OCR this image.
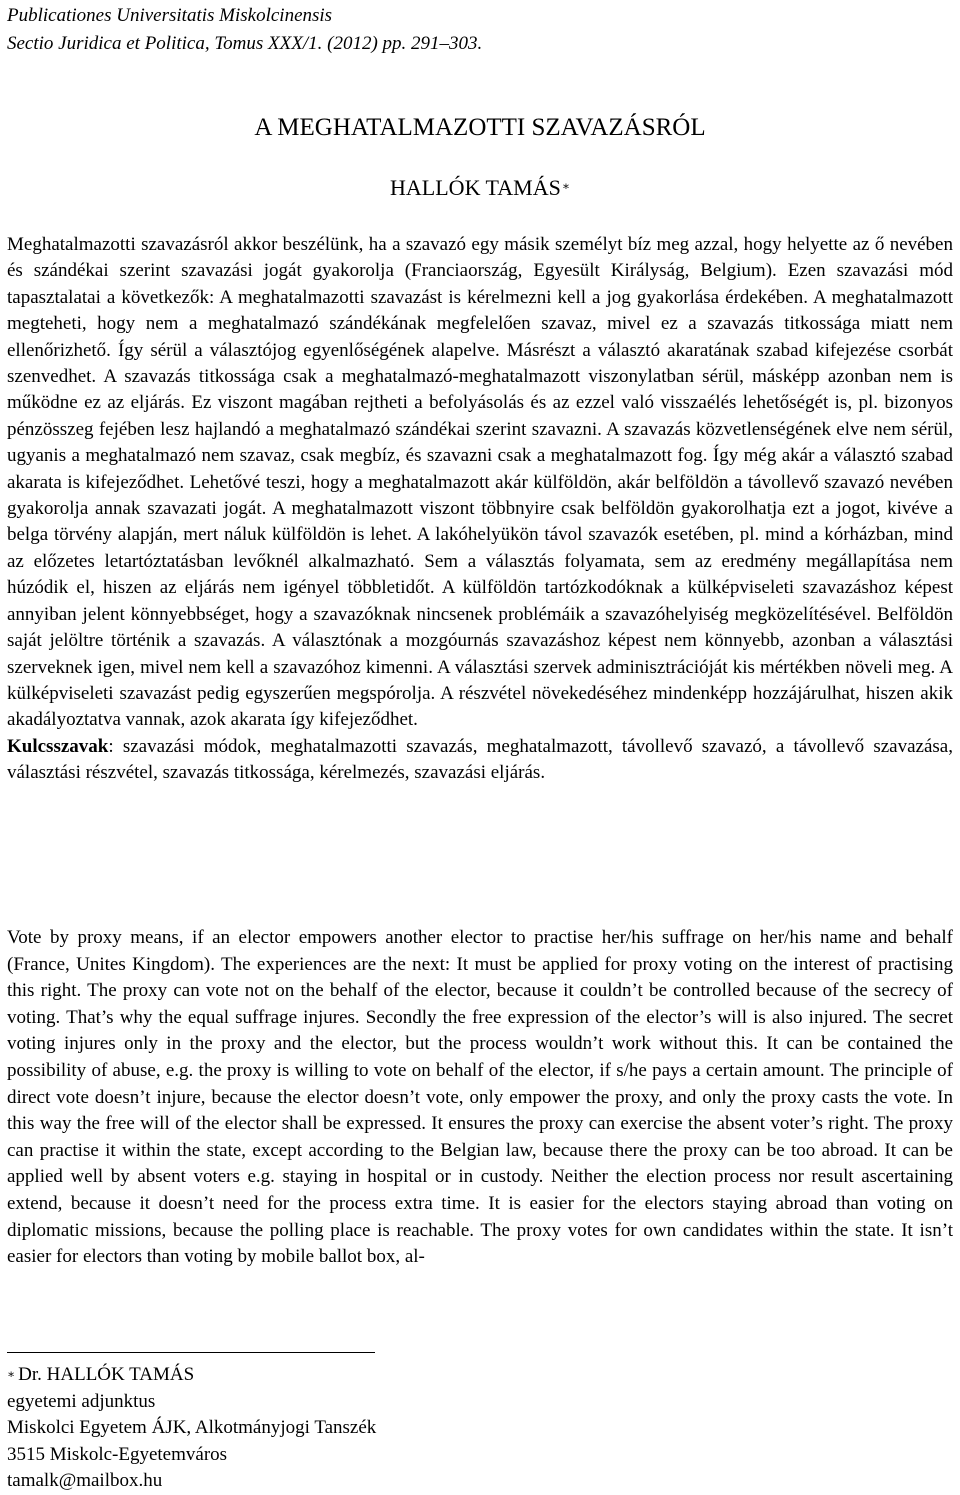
Publicationes Universitatis Miskolcinensis
Sectio Juridica et Politica, Tomus XXX/1. (2012) pp. 291–303.
A MEGHATALMAZOTTI SZAVAZÁSRÓL
HALLÓK TAMÁS∗

Meghatalmazotti szavazásról akkor beszélünk, ha a szavazó egy másik személyt bíz meg azzal, hogy helyette az ő nevében és szándékai szerint szavazási jogát gyakorolja (Franciaország, Egyesült Királyság, Belgium). Ezen szavazási mód tapasztalatai a következők: A meghatalmazotti szavazást is kérelmezni kell a jog gyakorlása érdekében. A meghatalmazott megteheti, hogy nem a meghatalmazó szándékának megfelelően szavaz, mivel ez a szavazás titkossága miatt nem ellenőrizhető. Így sérül a választójog egyenlőségének alapelve. Másrészt a választó akaratának szabad kifejezése csorbát szenvedhet. A szavazás titkossága csak a meghatalmazó-meghatalmazott viszonylatban sérül, másképp azonban nem is működne ez az eljárás. Ez viszont magában rejtheti a befolyásolás és az ezzel való visszaélés lehetőségét is, pl. bizonyos pénzösszeg fejében lesz hajlandó a meghatalmazó szándékai szerint szavazni. A szavazás közvetlenségének elve nem sérül, ugyanis a meghatalmazó nem szavaz, csak megbíz, és szavazni csak a meghatalmazott fog. Így még akár a választó szabad akarata is kifejeződhet. Lehetővé teszi, hogy a meghatalmazott akár külföldön, akár belföldön a távollevő szavazó nevében gyakorolja annak szavazati jogát. A meghatalmazott viszont többnyire csak belföldön gyakorolhatja ezt a jogot, kivéve a belga törvény alapján, mert náluk külföldön is lehet. A lakóhelyükön távol szavazók esetében, pl. mind a kórházban, mind az előzetes letartóztatásban levőknél alkalmazható. Sem a választás folyamata, sem az eredmény megállapítása nem húzódik el, hiszen az eljárás nem igényel többletidőt. A külföldön tartózkodóknak a külképviseleti szavazáshoz képest annyiban jelent könnyebbséget, hogy a szavazóknak nincsenek problémáik a szavazóhelyiség megközelítésével. Belföldön saját jelöltre történik a szavazás. A választónak a mozgóurnás szavazáshoz képest nem könnyebb, azonban a választási szerveknek igen, mivel nem kell a szavazóhoz kimenni. A választási szervek adminisztrációját kis mértékben növeli meg. A külképviseleti szavazást pedig egyszerűen megspórolja. A részvétel növekedéséhez mindenképp hozzájárulhat, hiszen akik akadályoztatva vannak, azok akarata így kifejeződhet.

Kulcsszavak: szavazási módok, meghatalmazotti szavazás, meghatalmazott, távollevő szavazó, a távollevő szavazása, választási részvétel, szavazás titkossága, kérelmezés, szavazási eljárás.

Vote by proxy means, if an elector empowers another elector to practise her/his suffrage on her/his name and behalf (France, Unites Kingdom). The experiences are the next: It must be applied for proxy voting on the interest of practising this right. The proxy can vote not on the behalf of the elector, because it couldn’t be controlled because of the secrecy of voting. That’s why the equal suffrage injures. Secondly the free expression of the elector’s will is also injured. The secret voting injures only in the proxy and the elector, but the process wouldn’t work without this. It can be contained the possibility of abuse, e.g. the proxy is willing to vote on behalf of the elector, if s/he pays a certain amount. The principle of direct vote doesn’t injure, because the elector doesn’t vote, only empower the proxy, and only the proxy casts the vote. In this way the free will of the elector shall be expressed. It ensures the proxy can exercise the absent voter’s right. The proxy can practise it within the state, except according to the Belgian law, because there the proxy can be too abroad. It can be applied well by absent voters e.g. staying in hospital or in custody. Neither the election process nor result ascertaining extend, because it doesn’t need for the process extra time. It is easier for the electors staying abroad than voting on diplomatic missions, because the polling place is reachable. The proxy votes for own candidates within the state. It isn’t easier for electors than voting by mobile ballot box, al-

∗ Dr. HALLÓK TAMÁS
egyetemi adjunktus
Miskolci Egyetem ÁJK, Alkotmányjogi Tanszék
3515 Miskolc-Egyetemváros
tamalk@mailbox.hu
